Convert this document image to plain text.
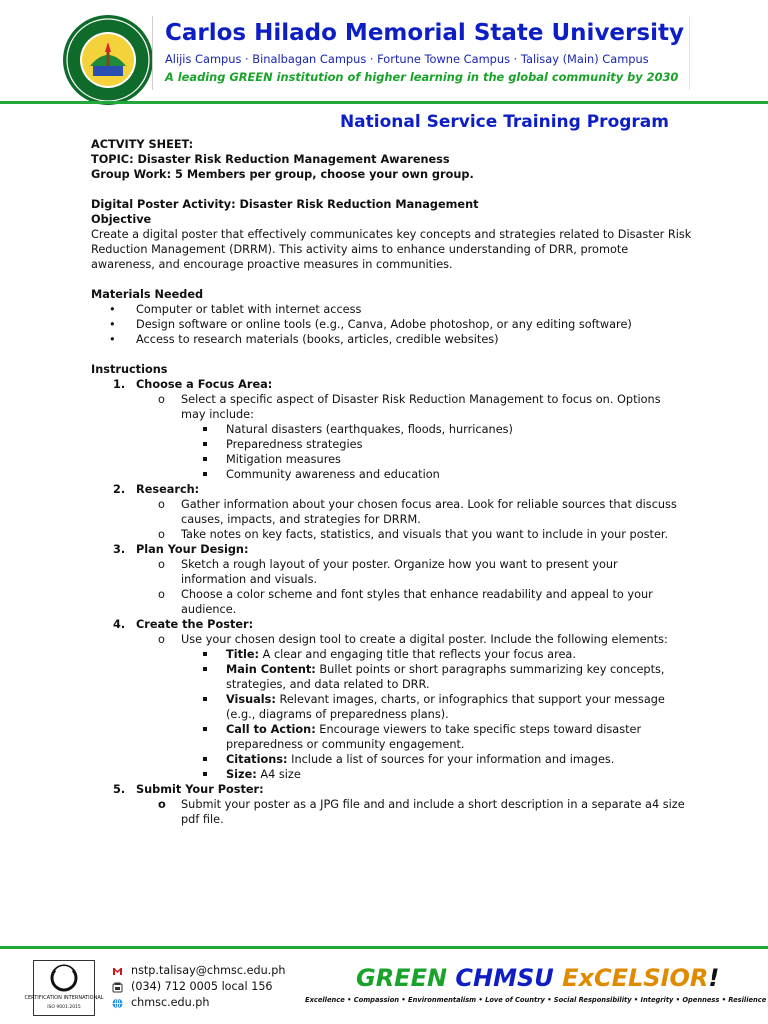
Carlos Hilado Memorial State University
Alijis Campus · Binalbagan Campus · Fortune Towne Campus · Talisay (Main) Campus
A leading GREEN institution of higher learning in the global community by 2030
National Service Training Program
ACTVITY SHEET:
TOPIC: Disaster Risk Reduction Management Awareness
Group Work: 5 Members per group, choose your own group.
Digital Poster Activity: Disaster Risk Reduction Management
Objective
Create a digital poster that effectively communicates key concepts and strategies related to Disaster Risk
Reduction Management (DRRM). This activity aims to enhance understanding of DRR, promote
awareness, and encourage proactive measures in communities.
Materials Needed
• Computer or tablet with internet access
• Design software or online tools (e.g., Canva, Adobe photoshop, or any editing software)
• Access to research materials (books, articles, credible websites)
Instructions
1. Choose a Focus Area:
o Select a specific aspect of Disaster Risk Reduction Management to focus on. Options
may include:
Natural disasters (earthquakes, floods, hurricanes)
Preparedness strategies
Mitigation measures
Community awareness and education
2. Research:
o Gather information about your chosen focus area. Look for reliable sources that discuss
causes, impacts, and strategies for DRRM.
o Take notes on key facts, statistics, and visuals that you want to include in your poster.
3. Plan Your Design:
o Sketch a rough layout of your poster. Organize how you want to present your
information and visuals.
o Choose a color scheme and font styles that enhance readability and appeal to your
audience.
4. Create the Poster:
o Use your chosen design tool to create a digital poster. Include the following elements:
Title: A clear and engaging title that reflects your focus area.
Main Content: Bullet points or short paragraphs summarizing key concepts,
strategies, and data related to DRR.
Visuals: Relevant images, charts, or infographics that support your message
(e.g., diagrams of preparedness plans).
Call to Action: Encourage viewers to take specific steps toward disaster
preparedness or community engagement.
Citations: Include a list of sources for your information and images.
Size: A4 size
5. Submit Your Poster:
o Submit your poster as a JPG file and and include a short description in a separate a4 size
pdf file.
CERTIFICATION INTERNATIONAL
ISO 9001:2015
nstp.talisay@chmsc.edu.ph
(034) 712 0005 local 156
chmsc.edu.ph
GREEN CHMSU ExCELSIOR!
Excellence • Compassion • Environmentalism • Love of Country • Social Responsibility • Integrity • Openness • Resilience
